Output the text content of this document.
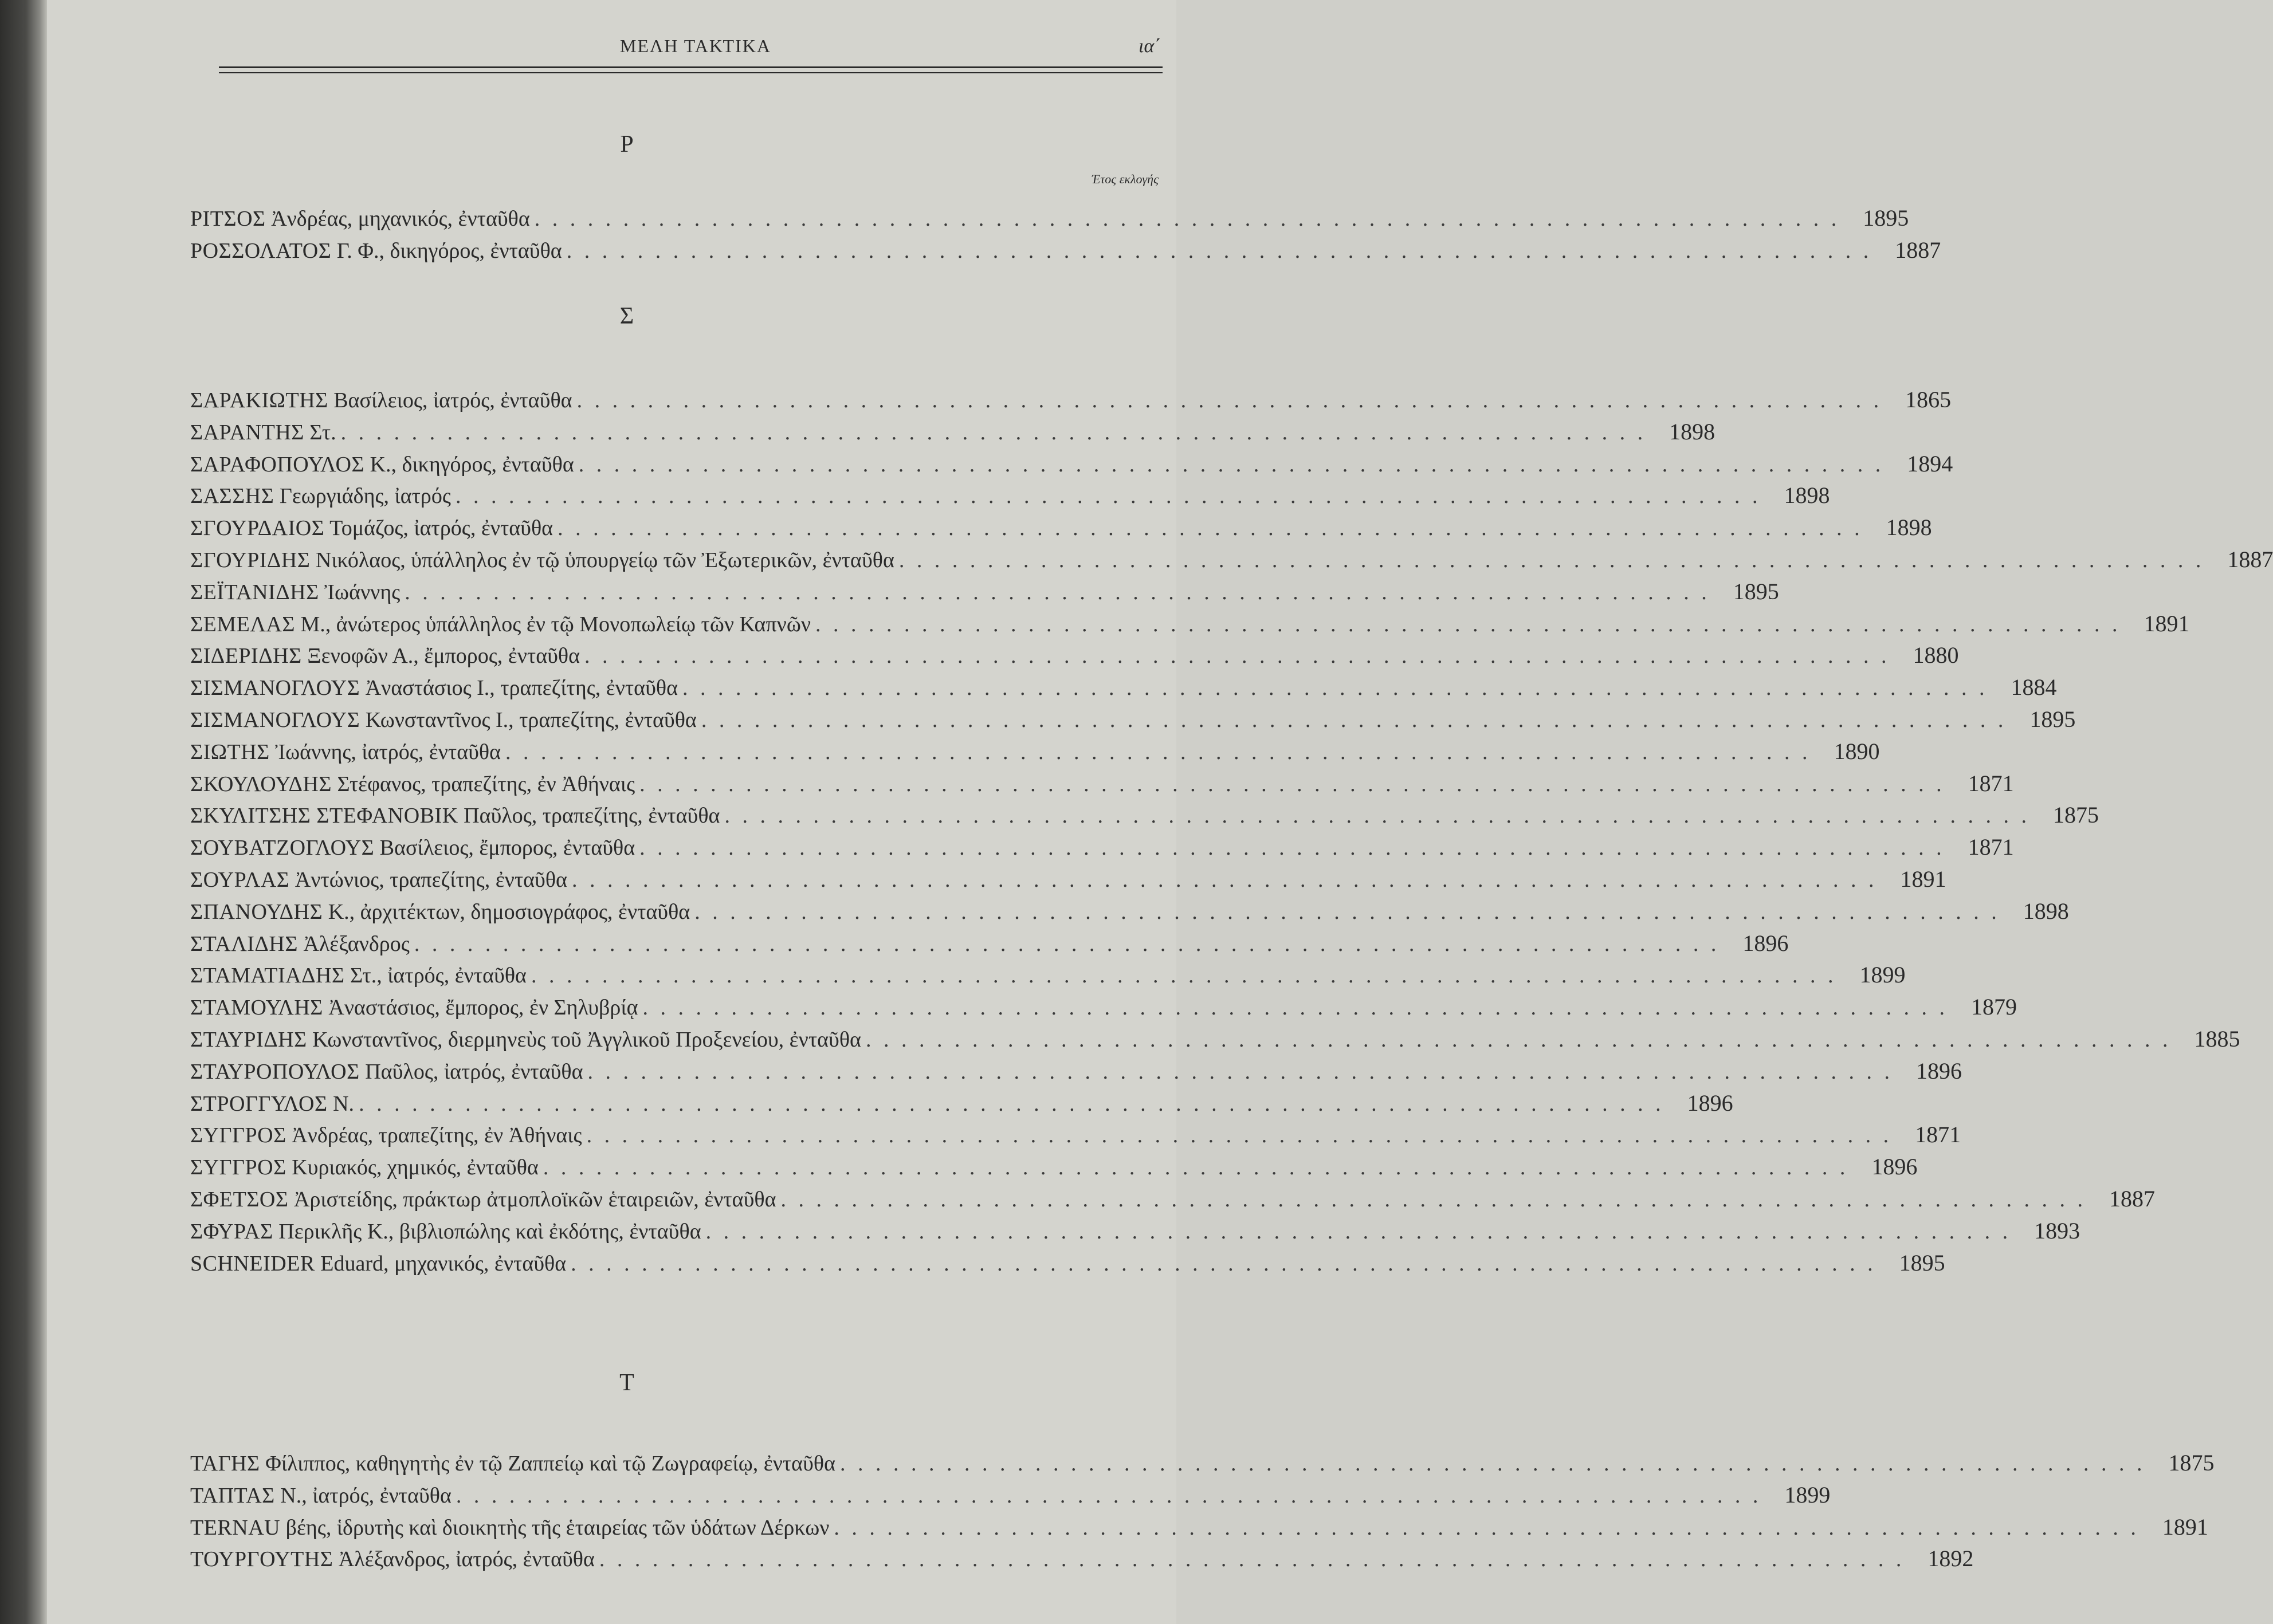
ΜΕΛΗ ΤΑΚΤΙΚΑ	ια΄
Ρ
Έτος εκλογής
Σ
Τ
ΡΙΤΣΟΣ Ἀνδρέας, μηχανικός, ἐνταῦθα . . .	1895
ΡΟΣΣΟΛΑΤΟΣ Γ. Φ., δικηγόρος, ἐνταῦθα . . .	1887
ΣΑΡΑΚΙΩΤΗΣ Βασίλειος, ἰατρός, ἐνταῦθα . . .	1865
ΣΑΡΑΝΤΗΣ Στ. . . .	1898
ΣΑΡΑΦΟΠΟΥΛΟΣ Κ., δικηγόρος, ἐνταῦθα . . .	1894
ΣΑΣΣΗΣ Γεωργιάδης, ἰατρός . . .	1898
ΣΓΟΥΡΔΑΙΟΣ Τομάζος, ἰατρός, ἐνταῦθα . . .	1898
ΣΓΟΥΡΙΔΗΣ Νικόλαος, ὑπάλληλος ἐν τῷ ὑπουργείῳ τῶν Ἐξωτερικῶν, ἐνταῦθα . . .	1887
ΣΕΪΤΑΝΙΔΗΣ Ἰωάννης . . .	1895
ΣΕΜΕΛΑΣ Μ., ἀνώτερος ὑπάλληλος ἐν τῷ Μονοπωλείῳ τῶν Καπνῶν . . .	1891
ΣΙΔΕΡΙΔΗΣ Ξενοφῶν Α., ἔμπορος, ἐνταῦθα . . .	1880
ΣΙΣΜΑΝΟΓΛΟΥΣ Ἀναστάσιος Ι., τραπεζίτης, ἐνταῦθα . . .	1884
ΣΙΣΜΑΝΟΓΛΟΥΣ Κωνσταντῖνος Ι., τραπεζίτης, ἐνταῦθα . . .	1895
ΣΙΩΤΗΣ Ἰωάννης, ἰατρός, ἐνταῦθα . . .	1890
ΣΚΟΥΛΟΥΔΗΣ Στέφανος, τραπεζίτης, ἐν Ἀθήναις . . .	1871
ΣΚΥΛΙΤΣΗΣ ΣΤΕΦΑΝΟΒΙΚ Παῦλος, τραπεζίτης, ἐνταῦθα . . .	1875
ΣΟΥΒΑΤΖΟΓΛΟΥΣ Βασίλειος, ἔμπορος, ἐνταῦθα . . .	1871
ΣΟΥΡΛΑΣ Ἀντώνιος, τραπεζίτης, ἐνταῦθα . . .	1891
ΣΠΑΝΟΥΔΗΣ Κ., ἀρχιτέκτων, δημοσιογράφος, ἐνταῦθα . . .	1898
ΣΤΑΛΙΔΗΣ Ἀλέξανδρος . . .	1896
ΣΤΑΜΑΤΙΑΔΗΣ Στ., ἰατρός, ἐνταῦθα . . .	1899
ΣΤΑΜΟΥΛΗΣ Ἀναστάσιος, ἔμπορος, ἐν Σηλυβρίᾳ . . .	1879
ΣΤΑΥΡΙΔΗΣ Κωνσταντῖνος, διερμηνεὺς τοῦ Ἀγγλικοῦ Προξενείου, ἐνταῦθα . . .	1885
ΣΤΑΥΡΟΠΟΥΛΟΣ Παῦλος, ἰατρός, ἐνταῦθα . . .	1896
ΣΤΡΟΓΓΥΛΟΣ Ν. . . .	1896
ΣΥΓΓΡΟΣ Ἀνδρέας, τραπεζίτης, ἐν Ἀθήναις . . .	1871
ΣΥΓΓΡΟΣ Κυριακός, χημικός, ἐνταῦθα . . .	1896
ΣΦΕΤΣΟΣ Ἀριστείδης, πράκτωρ ἀτμοπλοϊκῶν ἑταιρειῶν, ἐνταῦθα . . .	1887
ΣΦΥΡΑΣ Περικλῆς Κ., βιβλιοπώλης καὶ ἐκδότης, ἐνταῦθα . . .	1893
SCHNEIDER Eduard, μηχανικός, ἐνταῦθα . . .	1895
ΤΑΓΗΣ Φίλιππος, καθηγητὴς ἐν τῷ Ζαππείῳ καὶ τῷ Ζωγραφείῳ, ἐνταῦθα . . .	1875
ΤΑΠΤΑΣ Ν., ἰατρός, ἐνταῦθα . . .	1899
TERNAU βέης, ἱδρυτὴς καὶ διοικητὴς τῆς ἑταιρείας τῶν ὑδάτων Δέρκων . . .	1891
ΤΟΥΡΓΟΥΤΗΣ Ἀλέξανδρος, ἰατρός, ἐνταῦθα . . .	1892
